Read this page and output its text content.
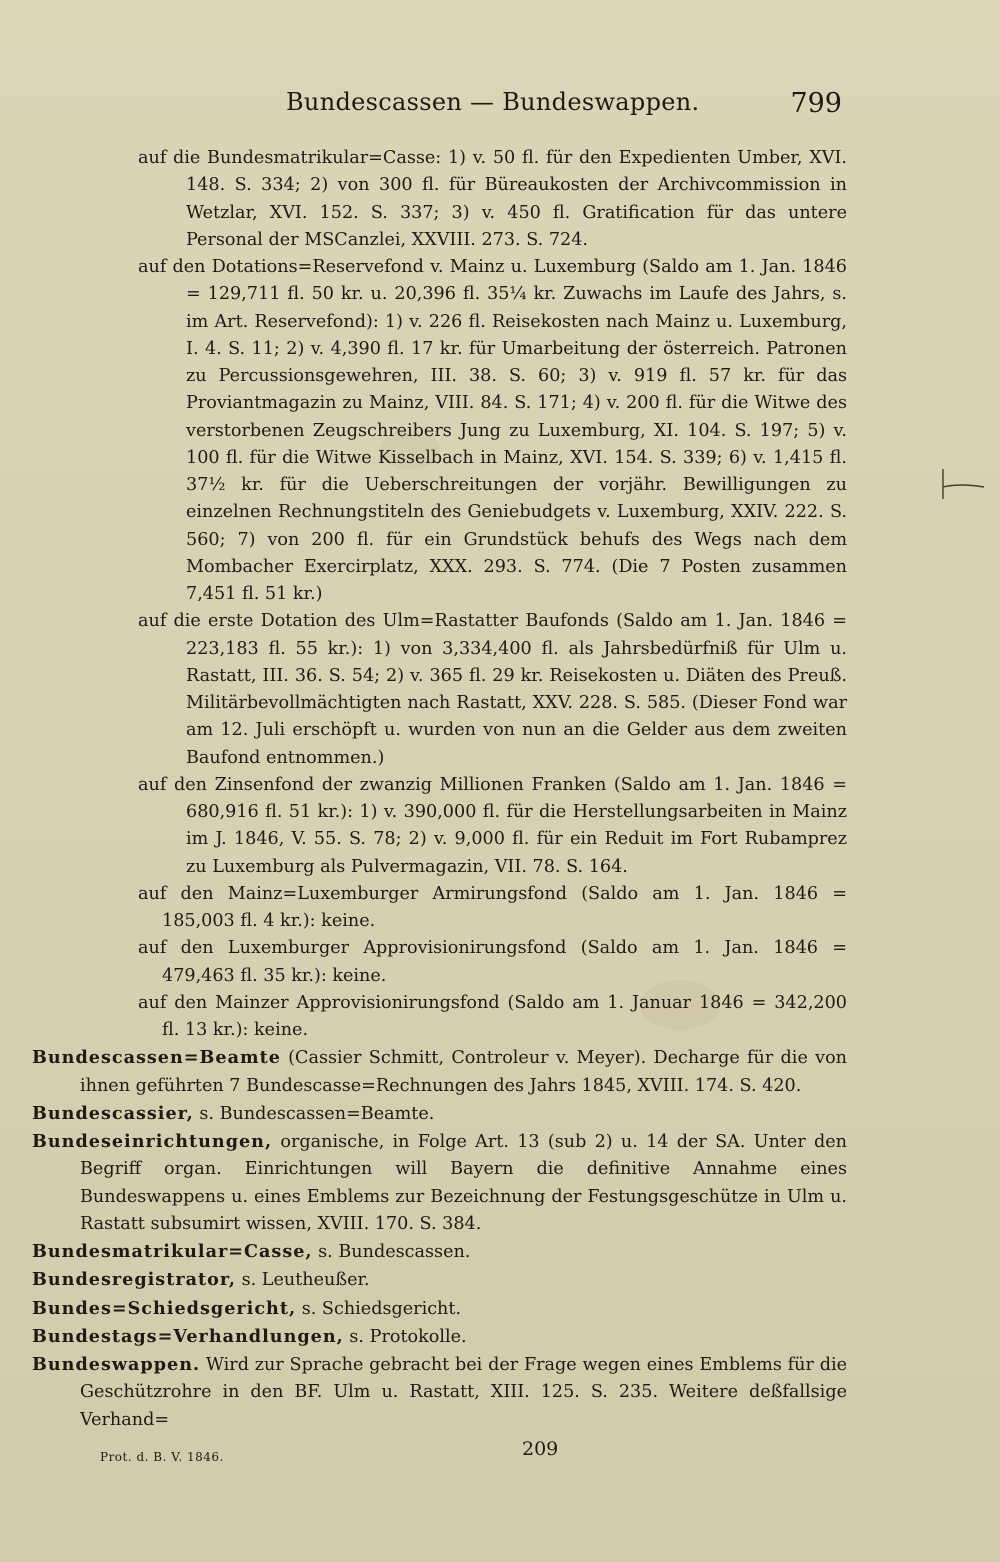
Bundescassen — Bundeswappen.	799

auf die Bundesmatrikular=Casse: 1) v. 50 fl. für den Expedienten Umber, XVI. 148. S. 334; 2) von 300 fl. für Büreaukosten der Archivcommission in Wetzlar, XVI. 152. S. 337; 3) v. 450 fl. Gratification für das untere Personal der MSCanzlei, XXVIII. 273. S. 724.

auf den Dotations=Reservefond v. Mainz u. Luxemburg (Saldo am 1. Jan. 1846 = 129,711 fl. 50 kr. u. 20,396 fl. 35¼ kr. Zuwachs im Laufe des Jahrs, s. im Art. Reservefond): 1) v. 226 fl. Reisekosten nach Mainz u. Luxemburg, I. 4. S. 11; 2) v. 4,390 fl. 17 kr. für Umarbeitung der österreich. Patronen zu Percussionsgewehren, III. 38. S. 60; 3) v. 919 fl. 57 kr. für das Proviantmagazin zu Mainz, VIII. 84. S. 171; 4) v. 200 fl. für die Witwe des verstorbenen Zeugschreibers Jung zu Luxemburg, XI. 104. S. 197; 5) v. 100 fl. für die Witwe Kisselbach in Mainz, XVI. 154. S. 339; 6) v. 1,415 fl. 37½ kr. für die Ueberschreitungen der vorjähr. Bewilligungen zu einzelnen Rechnungstiteln des Geniebudgets v. Luxemburg, XXIV. 222. S. 560; 7) von 200 fl. für ein Grundstück behufs des Wegs nach dem Mombacher Exercirplatz, XXX. 293. S. 774. (Die 7 Posten zusammen 7,451 fl. 51 kr.)

auf die erste Dotation des Ulm=Rastatter Baufonds (Saldo am 1. Jan. 1846 = 223,183 fl. 55 kr.): 1) von 3,334,400 fl. als Jahrsbedürfniß für Ulm u. Rastatt, III. 36. S. 54; 2) v. 365 fl. 29 kr. Reisekosten u. Diäten des Preuß. Militärbevollmächtigten nach Rastatt, XXV. 228. S. 585. (Dieser Fond war am 12. Juli erschöpft u. wurden von nun an die Gelder aus dem zweiten Baufond entnommen.)

auf den Zinsenfond der zwanzig Millionen Franken (Saldo am 1. Jan. 1846 = 680,916 fl. 51 kr.): 1) v. 390,000 fl. für die Herstellungsarbeiten in Mainz im J. 1846, V. 55. S. 78; 2) v. 9,000 fl. für ein Reduit im Fort Rubamprez zu Luxemburg als Pulvermagazin, VII. 78. S. 164.

auf den Mainz=Luxemburger Armirungsfond (Saldo am 1. Jan. 1846 = 185,003 fl. 4 kr.): keine.

auf den Luxemburger Approvisionirungsfond (Saldo am 1. Jan. 1846 = 479,463 fl. 35 kr.): keine.

auf den Mainzer Approvisionirungsfond (Saldo am 1. Januar 1846 = 342,200 fl. 13 kr.): keine.

Bundescassen=Beamte (Cassier Schmitt, Controleur v. Meyer). Decharge für die von ihnen geführten 7 Bundescasse=Rechnungen des Jahrs 1845, XVIII. 174. S. 420.

Bundescassier, s. Bundescassen=Beamte.

Bundeseinrichtungen, organische, in Folge Art. 13 (sub 2) u. 14 der SA. Unter den Begriff organ. Einrichtungen will Bayern die definitive Annahme eines Bundeswappens u. eines Emblems zur Bezeichnung der Festungsgeschütze in Ulm u. Rastatt subsumirt wissen, XVIII. 170. S. 384.

Bundesmatrikular=Casse, s. Bundescassen.

Bundesregistrator, s. Leutheußer.

Bundes=Schiedsgericht, s. Schiedsgericht.

Bundestags=Verhandlungen, s. Protokolle.

Bundeswappen. Wird zur Sprache gebracht bei der Frage wegen eines Emblems für die Geschützrohre in den BF. Ulm u. Rastatt, XIII. 125. S. 235. Weitere deßfallsige Verhand=

Prot. d. B. V. 1846.	209
